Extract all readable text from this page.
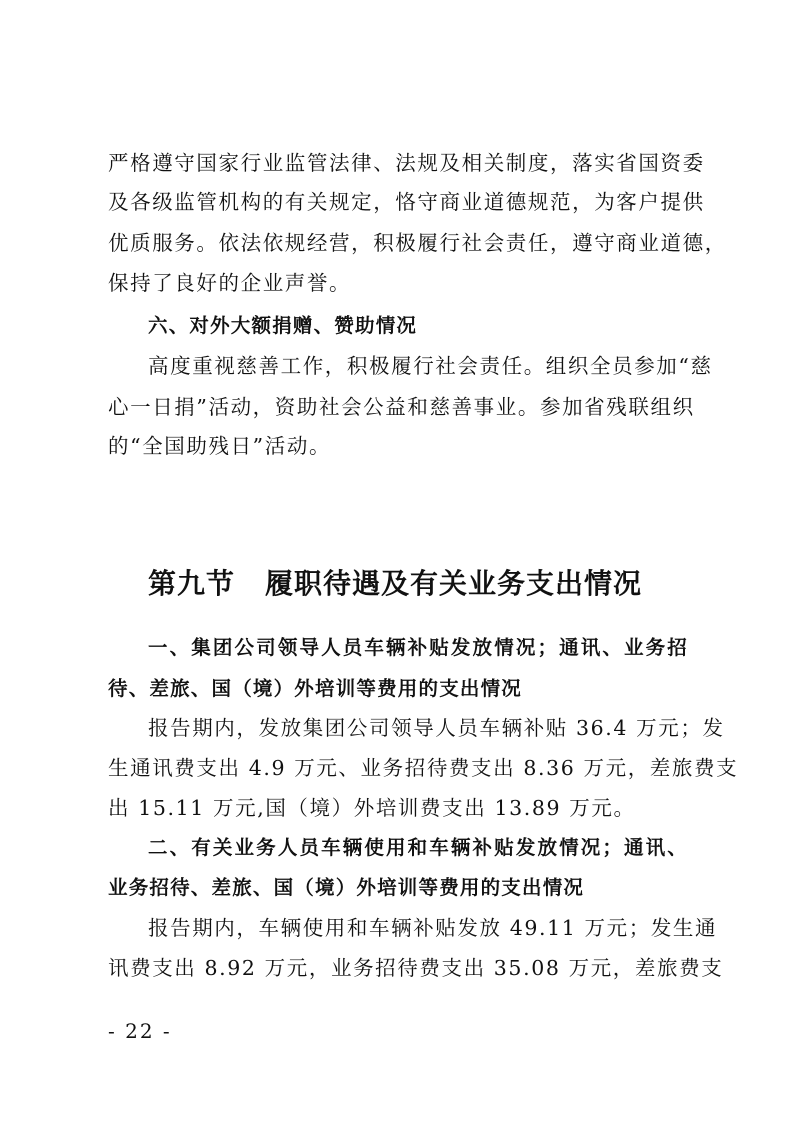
严格遵守国家行业监管法律、法规及相关制度，落实省国资委
及各级监管机构的有关规定，恪守商业道德规范，为客户提供
优质服务。依法依规经营，积极履行社会责任，遵守商业道德，
保持了良好的企业声誉。
六、对外大额捐赠、赞助情况
高度重视慈善工作，积极履行社会责任。组织全员参加“慈
心一日捐”活动，资助社会公益和慈善事业。参加省残联组织
的“全国助残日”活动。
第九节 履职待遇及有关业务支出情况
一、集团公司领导人员车辆补贴发放情况；通讯、业务招
待、差旅、国（境）外培训等费用的支出情况
报告期内，发放集团公司领导人员车辆补贴 36.4 万元；发
生通讯费支出 4.9 万元、业务招待费支出 8.36 万元，差旅费支
出 15.11 万元,国（境）外培训费支出 13.89 万元。
二、有关业务人员车辆使用和车辆补贴发放情况；通讯、
业务招待、差旅、国（境）外培训等费用的支出情况
报告期内，车辆使用和车辆补贴发放 49.11 万元；发生通
讯费支出 8.92 万元，业务招待费支出 35.08 万元，差旅费支
- 22 -
